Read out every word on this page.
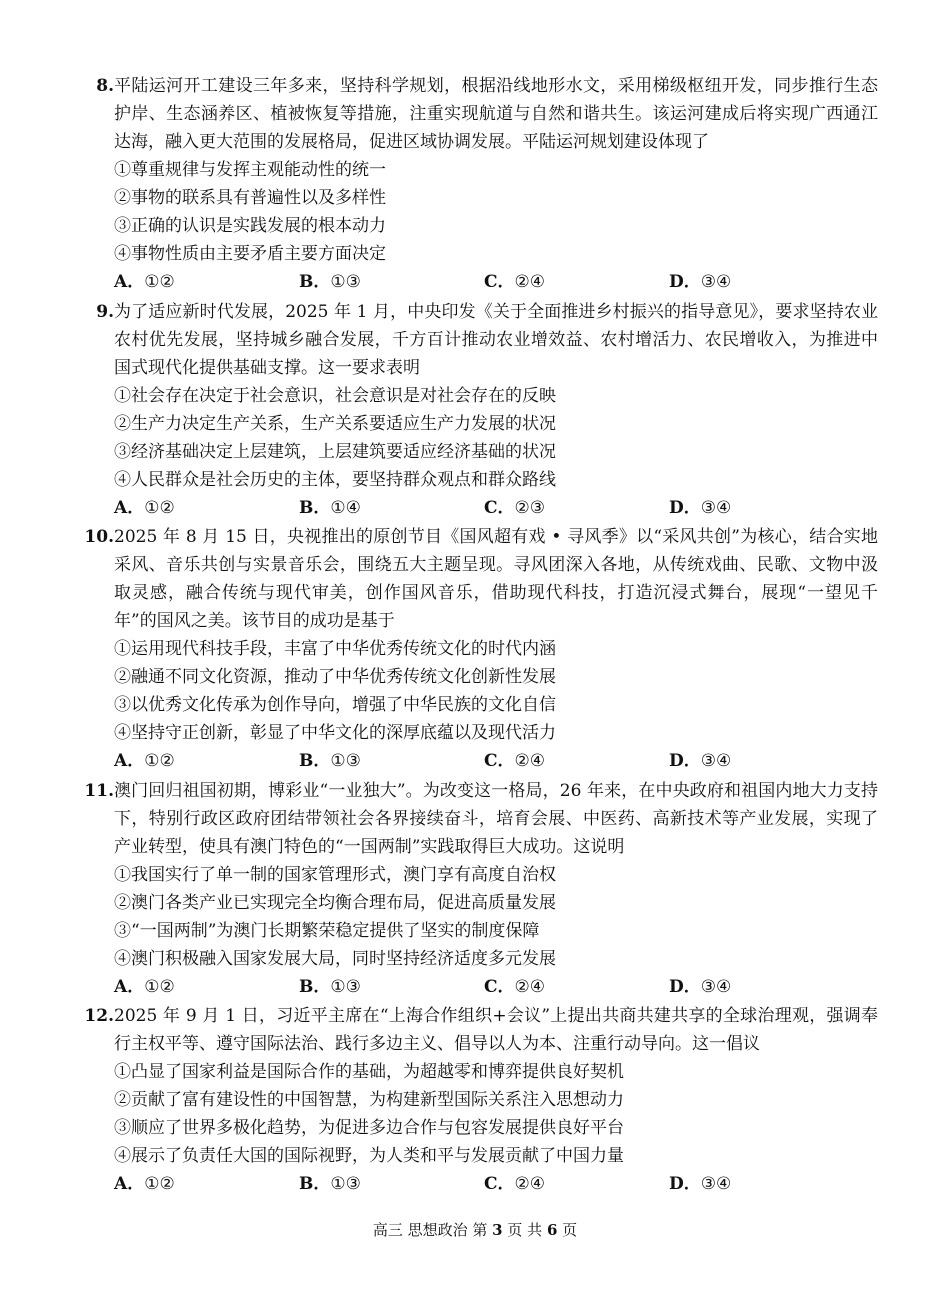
8. 平陆运河开工建设三年多来，坚持科学规划，根据沿线地形水文，采用梯级枢纽开发，同步推行生态护岸、生态涵养区、植被恢复等措施，注重实现航道与自然和谐共生。该运河建成后将实现广西通江达海，融入更大范围的发展格局，促进区域协调发展。平陆运河规划建设体现了
①尊重规律与发挥主观能动性的统一
②事物的联系具有普遍性以及多样性
③正确的认识是实践发展的根本动力
④事物性质由主要矛盾主要方面决定
A．①②	B．①③	C．②④	D．③④
9. 为了适应新时代发展，2025 年 1 月，中央印发《关于全面推进乡村振兴的指导意见》，要求坚持农业农村优先发展，坚持城乡融合发展，千方百计推动农业增效益、农村增活力、农民增收入，为推进中国式现代化提供基础支撑。这一要求表明
①社会存在决定于社会意识，社会意识是对社会存在的反映
②生产力决定生产关系，生产关系要适应生产力发展的状况
③经济基础决定上层建筑，上层建筑要适应经济基础的状况
④人民群众是社会历史的主体，要坚持群众观点和群众路线
A．①②	B．①④	C．②③	D．③④
10. 2025 年 8 月 15 日，央视推出的原创节目《国风超有戏 • 寻风季》以“采风共创”为核心，结合实地采风、音乐共创与实景音乐会，围绕五大主题呈现。寻风团深入各地，从传统戏曲、民歌、文物中汲取灵感，融合传统与现代审美，创作国风音乐，借助现代科技，打造沉浸式舞台，展现“一望见千年”的国风之美。该节目的成功是基于
①运用现代科技手段，丰富了中华优秀传统文化的时代内涵
②融通不同文化资源，推动了中华优秀传统文化创新性发展
③以优秀文化传承为创作导向，增强了中华民族的文化自信
④坚持守正创新，彰显了中华文化的深厚底蕴以及现代活力
A．①②	B．①③	C．②④	D．③④
11. 澳门回归祖国初期，博彩业“一业独大”。为改变这一格局，26 年来，在中央政府和祖国内地大力支持下，特别行政区政府团结带领社会各界接续奋斗，培育会展、中医药、高新技术等产业发展，实现了产业转型，使具有澳门特色的“一国两制”实践取得巨大成功。这说明
①我国实行了单一制的国家管理形式，澳门享有高度自治权
②澳门各类产业已实现完全均衡合理布局，促进高质量发展
③“一国两制”为澳门长期繁荣稳定提供了坚实的制度保障
④澳门积极融入国家发展大局，同时坚持经济适度多元发展
A．①②	B．①③	C．②④	D．③④
12. 2025 年 9 月 1 日，习近平主席在“上海合作组织+会议”上提出共商共建共享的全球治理观，强调奉行主权平等、遵守国际法治、践行多边主义、倡导以人为本、注重行动导向。这一倡议
①凸显了国家利益是国际合作的基础，为超越零和博弈提供良好契机
②贡献了富有建设性的中国智慧，为构建新型国际关系注入思想动力
③顺应了世界多极化趋势，为促进多边合作与包容发展提供良好平台
④展示了负责任大国的国际视野，为人类和平与发展贡献了中国力量
A．①②	B．①③	C．②④	D．③④
高三 思想政治 第 3 页 共 6 页
